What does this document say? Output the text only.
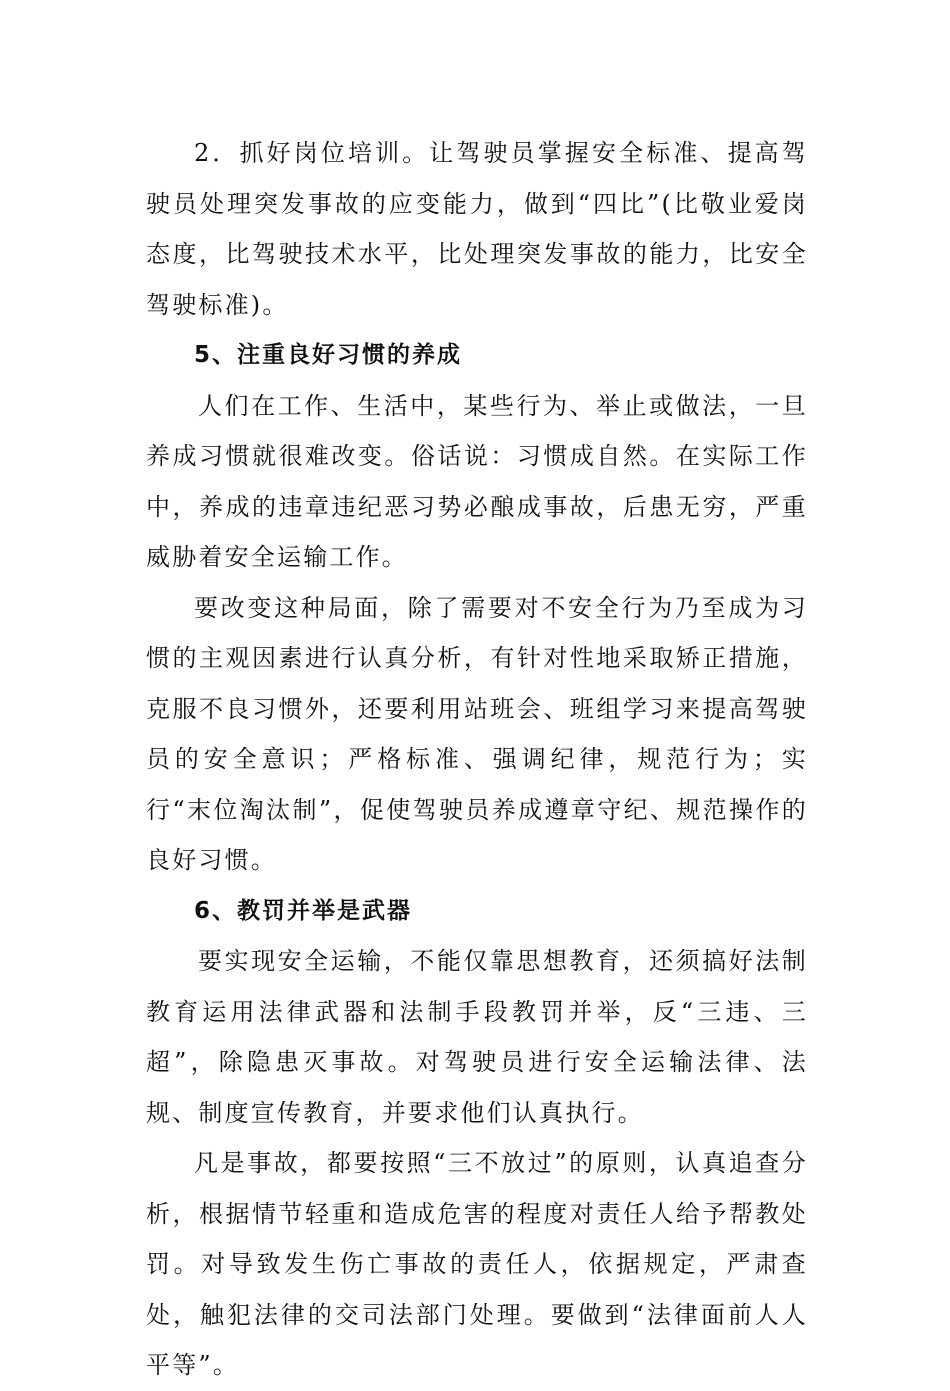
2．抓好岗位培训。让驾驶员掌握安全标准、提高驾驶员处理突发事故的应变能力，做到“四比”(比敬业爱岗态度，比驾驶技术水平，比处理突发事故的能力，比安全驾驶标准)。

5、注重良好习惯的养成

人们在工作、生活中，某些行为、举止或做法，一旦养成习惯就很难改变。俗话说：习惯成自然。在实际工作中，养成的违章违纪恶习势必酿成事故，后患无穷，严重威胁着安全运输工作。

要改变这种局面，除了需要对不安全行为乃至成为习惯的主观因素进行认真分析，有针对性地采取矫正措施，克服不良习惯外，还要利用站班会、班组学习来提高驾驶员的安全意识；严格标准、强调纪律，规范行为；实行“末位淘汰制”，促使驾驶员养成遵章守纪、规范操作的良好习惯。

6、教罚并举是武器

要实现安全运输，不能仅靠思想教育，还须搞好法制教育运用法律武器和法制手段教罚并举，反“三违、三超”，除隐患灭事故。对驾驶员进行安全运输法律、法规、制度宣传教育，并要求他们认真执行。

凡是事故，都要按照“三不放过”的原则，认真追查分析，根据情节轻重和造成危害的程度对责任人给予帮教处罚。对导致发生伤亡事故的责任人，依据规定，严肃查处，触犯法律的交司法部门处理。要做到“法律面前人人平等”。
